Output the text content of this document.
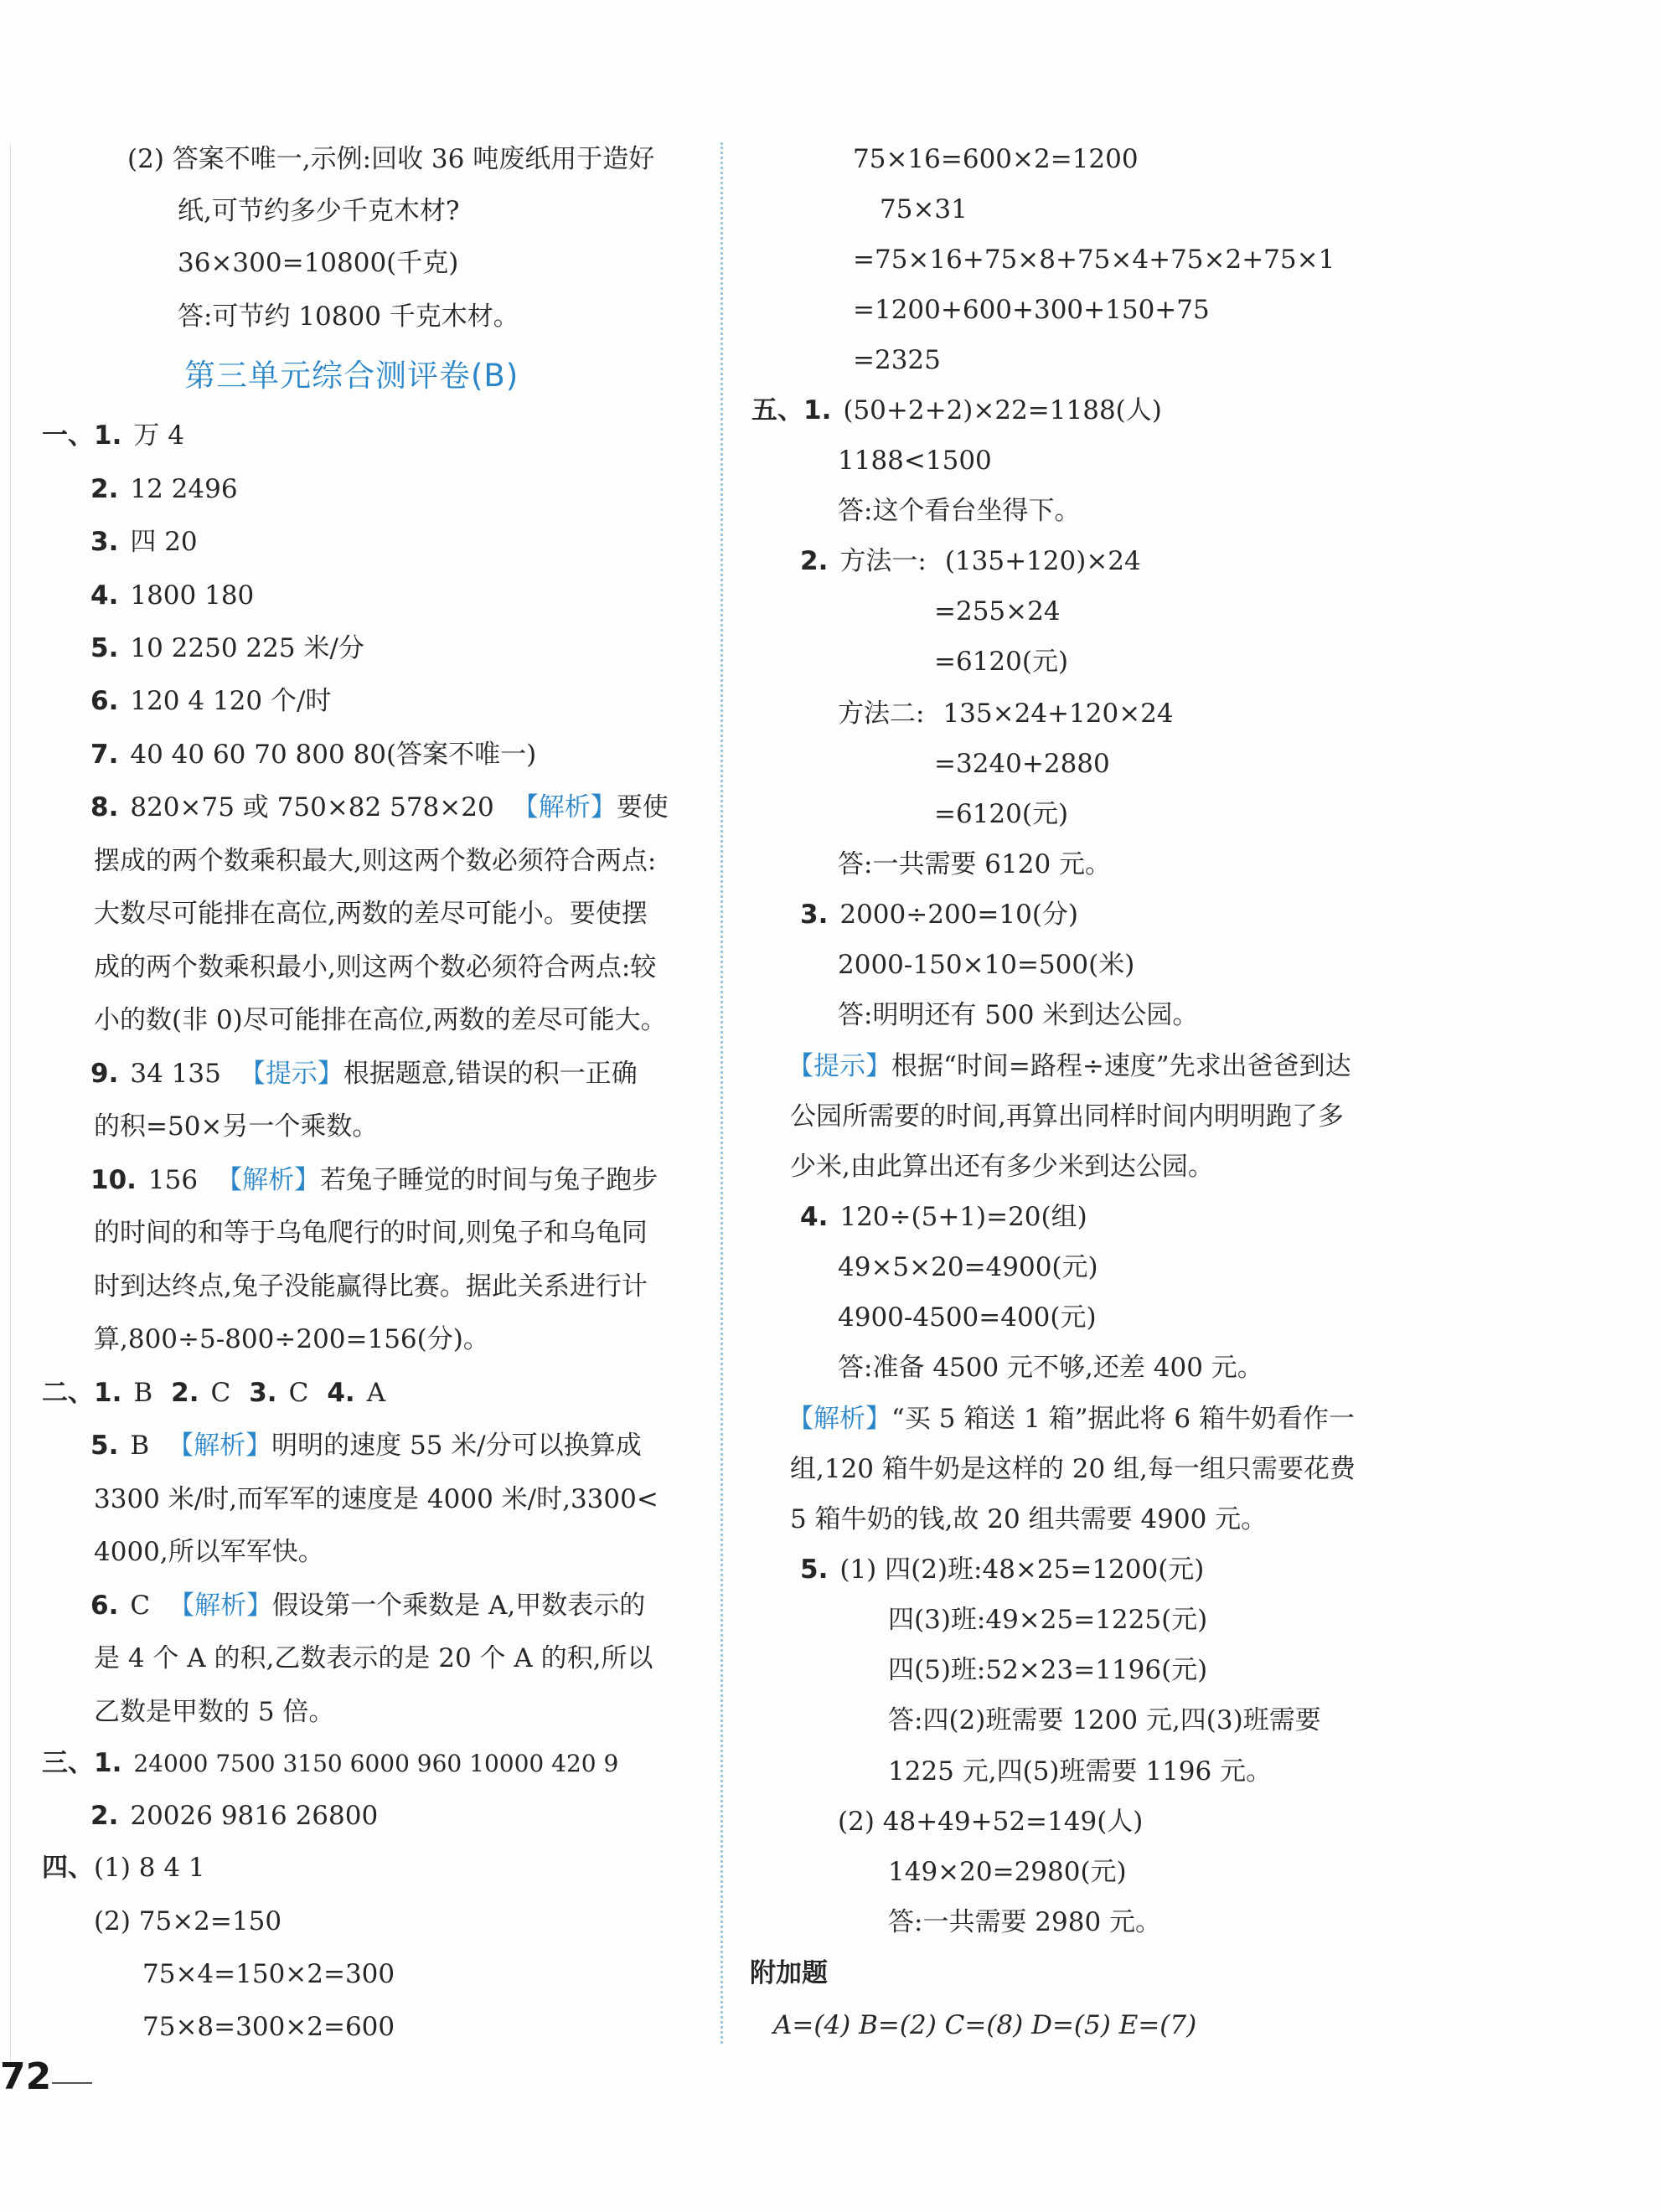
(2) 答案不唯一,示例:回收 36 吨废纸用于造好
纸,可节约多少千克木材?
36×300=10800(千克)
答:可节约 10800 千克木材。
第三单元综合测评卷(B)
一、1. 万 4
2. 12 2496
3. 四 20
4. 1800 180
5. 10 2250 225 米/分
6. 120 4 120 个/时
7. 40 40 60 70 800 80(答案不唯一)
8. 820×75 或 750×82 578×20 【解析】要使
摆成的两个数乘积最大,则这两个数必须符合两点:
大数尽可能排在高位,两数的差尽可能小。要使摆
成的两个数乘积最小,则这两个数必须符合两点:较
小的数(非 0)尽可能排在高位,两数的差尽可能大。
9. 34 135 【提示】根据题意,错误的积一正确
的积=50×另一个乘数。
10. 156 【解析】若兔子睡觉的时间与兔子跑步
的时间的和等于乌龟爬行的时间,则兔子和乌龟同
时到达终点,兔子没能赢得比赛。据此关系进行计
算,800÷5-800÷200=156(分)。
二、1. B 2. C 3. C 4. A
5. B 【解析】明明的速度 55 米/分可以换算成
3300 米/时,而军军的速度是 4000 米/时,3300<
4000,所以军军快。
6. C 【解析】假设第一个乘数是 A,甲数表示的
是 4 个 A 的积,乙数表示的是 20 个 A 的积,所以
乙数是甲数的 5 倍。
三、1. 24000 7500 3150 6000 960 10000 420 9
2. 20026 9816 26800
四、(1) 8 4 1
(2) 75×2=150
75×4=150×2=300
75×8=300×2=600
75×16=600×2=1200
75×31
=75×16+75×8+75×4+75×2+75×1
=1200+600+300+150+75
=2325
五、1. (50+2+2)×22=1188(人)
1188<1500
答:这个看台坐得下。
2. 方法一: (135+120)×24
=255×24
=6120(元)
方法二: 135×24+120×24
=3240+2880
=6120(元)
答:一共需要 6120 元。
3. 2000÷200=10(分)
2000-150×10=500(米)
答:明明还有 500 米到达公园。
【提示】根据“时间=路程÷速度”先求出爸爸到达
公园所需要的时间,再算出同样时间内明明跑了多
少米,由此算出还有多少米到达公园。
4. 120÷(5+1)=20(组)
49×5×20=4900(元)
4900-4500=400(元)
答:准备 4500 元不够,还差 400 元。
【解析】“买 5 箱送 1 箱”据此将 6 箱牛奶看作一
组,120 箱牛奶是这样的 20 组,每一组只需要花费
5 箱牛奶的钱,故 20 组共需要 4900 元。
5. (1) 四(2)班:48×25=1200(元)
四(3)班:49×25=1225(元)
四(5)班:52×23=1196(元)
答:四(2)班需要 1200 元,四(3)班需要
1225 元,四(5)班需要 1196 元。
(2) 48+49+52=149(人)
149×20=2980(元)
答:一共需要 2980 元。
附加题
A=(4) B=(2) C=(8) D=(5) E=(7)
72
